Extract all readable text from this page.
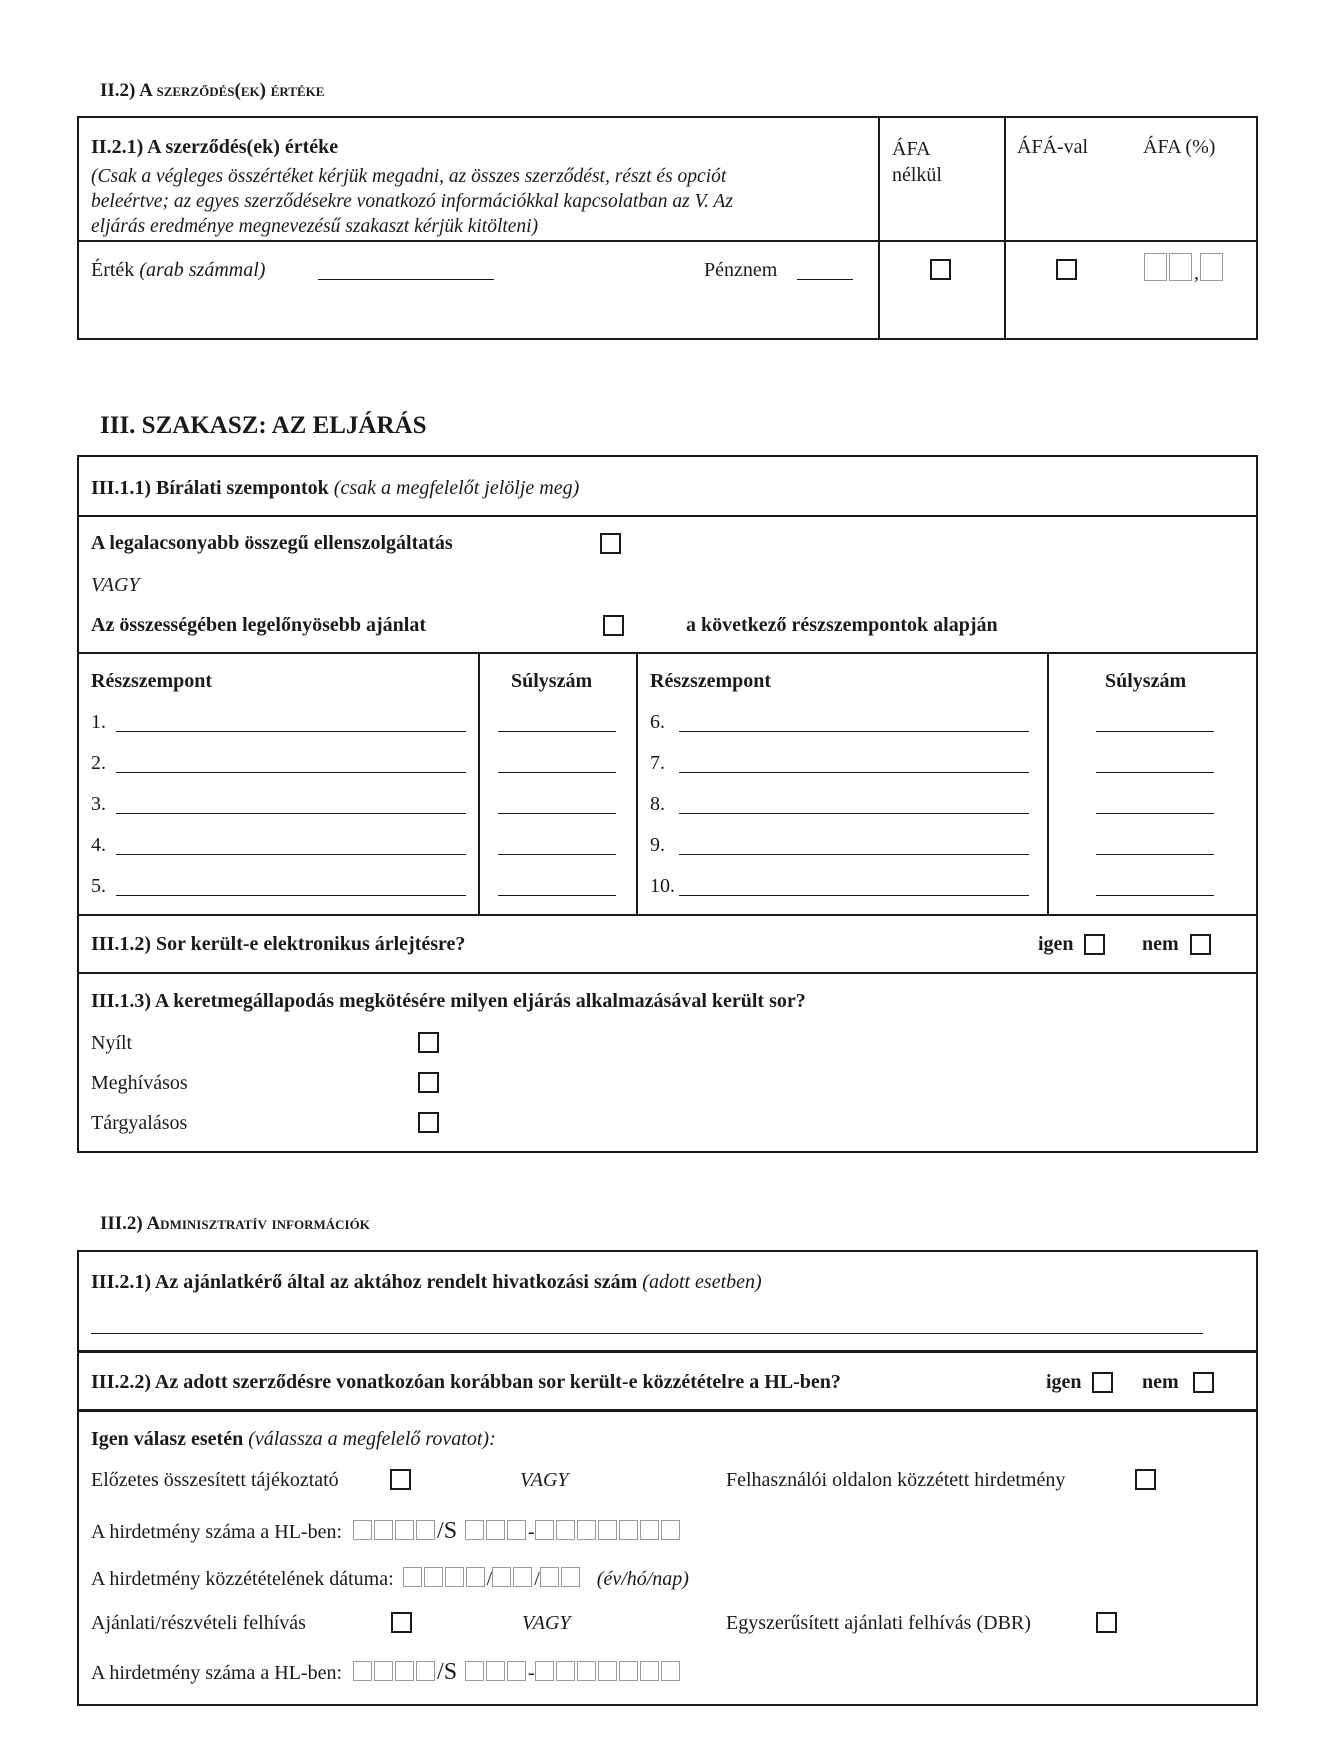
II.2) A szerződés(ek) értéke
II.2.1) A szerződés(ek) értéke
(Csak a végleges összértéket kérjük megadni, az összes szerződést, részt és opciót
beleértve; az egyes szerződésekre vonatkozó információkkal kapcsolatban az V. Az
eljárás eredménye megnevezésű szakaszt kérjük kitölteni)
ÁFA
nélkül
ÁFÁ-val	ÁFA (%)
Érték (arab számmal)	Pénznem	,
III. SZAKASZ: AZ ELJÁRÁS
III.1.1) Bírálati szempontok (csak a megfelelőt jelölje meg)
A legalacsonyabb összegű ellenszolgáltatás
VAGY
Az összességében legelőnyösebb ajánlat	a következő részszempontok alapján
Részszempont	Súlyszám	Részszempont	Súlyszám
1.
2.
3.
4.
5.
6.
7.
8.
9.
10.
III.1.2) Sor került-e elektronikus árlejtésre?	igen	nem
III.1.3) A keretmegállapodás megkötésére milyen eljárás alkalmazásával került sor?
Nyílt
Meghívásos
Tárgyalásos
III.2) Adminisztratív információk
III.2.1) Az ajánlatkérő által az aktához rendelt hivatkozási szám (adott esetben)
III.2.2) Az adott szerződésre vonatkozóan korábban sor került-e közzétételre a HL-ben?	igen	nem
Igen válasz esetén (válassza a megfelelő rovatot):
Előzetes összesített tájékoztató	VAGY	Felhasználói oldalon közzétett hirdetmény
A hirdetmény száma a HL-ben:	/S	-
A hirdetmény közzétételének dátuma:	/ /	(év/hó/nap)
Ajánlati/részvételi felhívás	VAGY	Egyszerűsített ajánlati felhívás (DBR)
A hirdetmény száma a HL-ben:	/S	-
